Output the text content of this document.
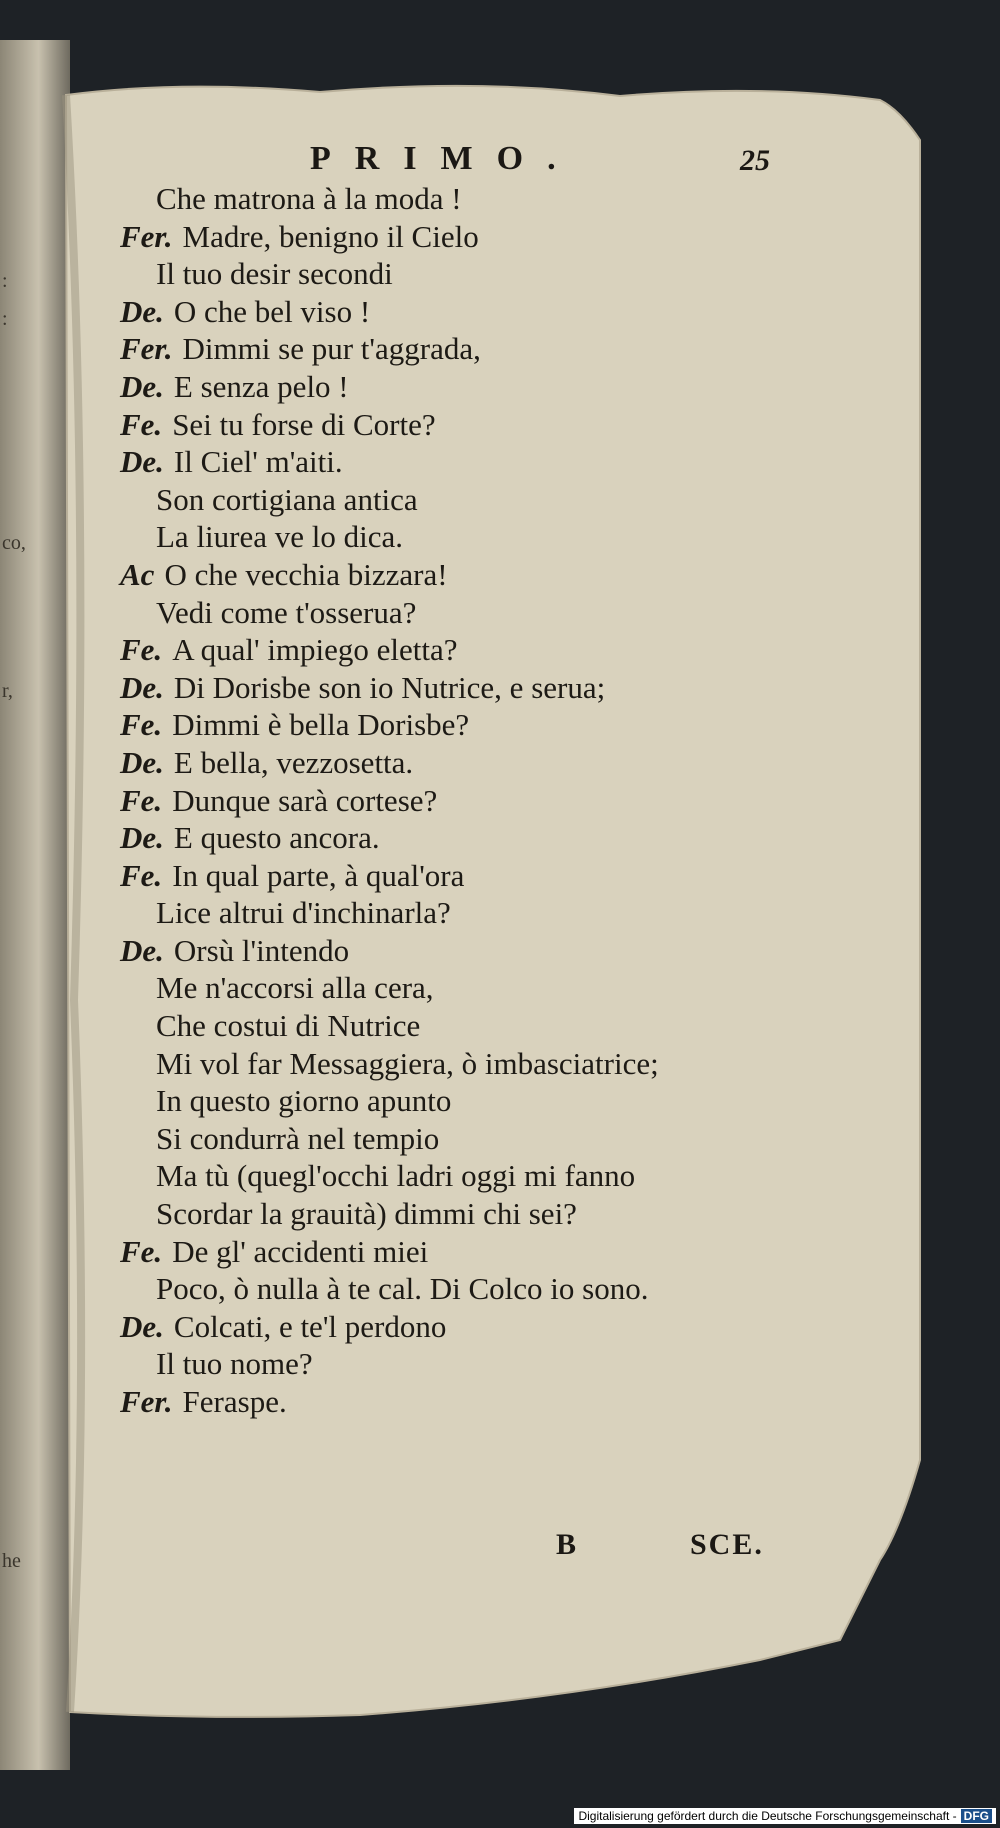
:
:
co,
r,
he
PRIMO.	25
Che matrona à la moda !
Fer. Madre, benigno il Cielo
Il tuo desir secondi
De. O che bel viso !
Fer. Dimmi se pur t'aggrada,
De. E senza pelo !
Fe. Sei tu forse di Corte?
De. Il Ciel' m'aiti.
Son cortigiana antica
La liurea ve lo dica.
Ac O che vecchia bizzara!
Vedi come t'osserua?
Fe. A qual' impiego eletta?
De. Di Dorisbe son io Nutrice, e serua;
Fe. Dimmi è bella Dorisbe?
De. E bella, vezzosetta.
Fe. Dunque sarà cortese?
De. E questo ancora.
Fe. In qual parte, à qual'ora
Lice altrui d'inchinarla?
De. Orsù l'intendo
Me n'accorsi alla cera,
Che costui di Nutrice
Mi vol far Messaggiera, ò imbasciatrice;
In questo giorno apunto
Si condurrà nel tempio
Ma tù (quegl'occhi ladri oggi mi fanno
Scordar la grauità) dimmi chi sei?
Fe. De gl' accidenti miei
Poco, ò nulla à te cal. Di Colco io sono.
De. Colcati, e te'l perdono
Il tuo nome?
Fer. Feraspe.
B	SCE.
Digitalisierung gefördert durch die Deutsche Forschungsgemeinschaft - DFG
